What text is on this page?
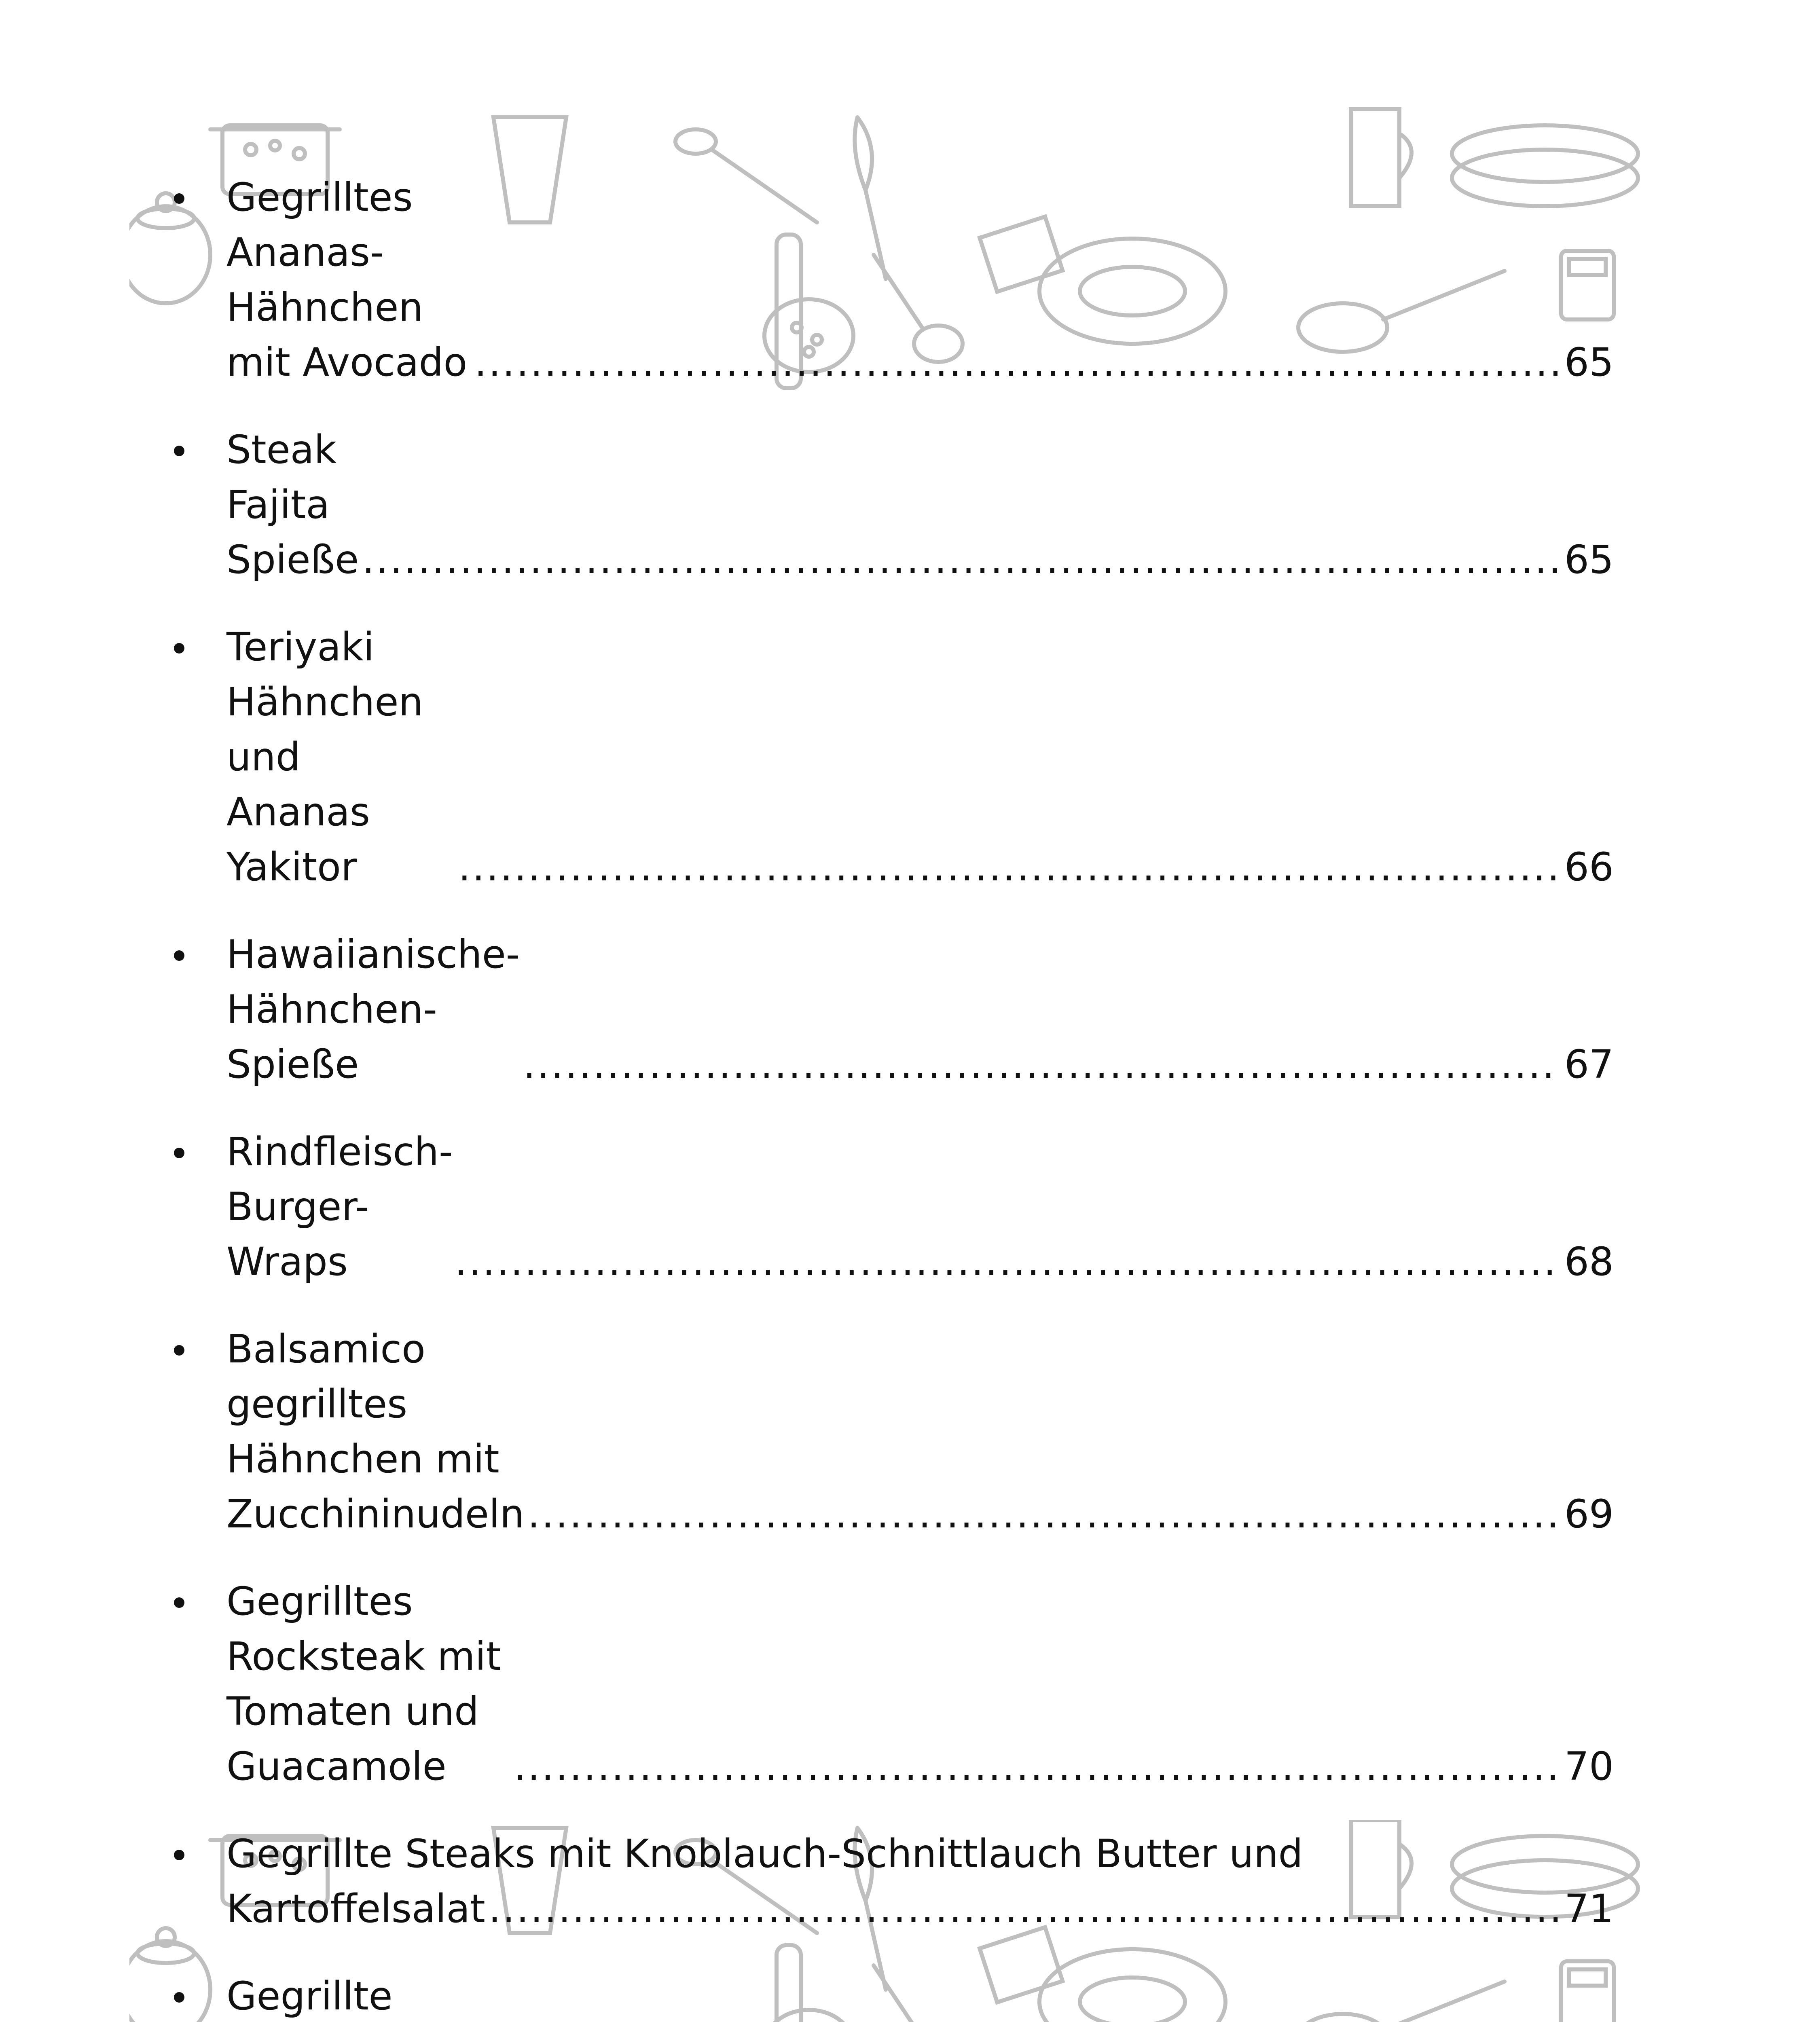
Gegrilltes Ananas-Hähnchen mit Avocado .....	65
Steak Fajita Spieße .....	65
Teriyaki Hähnchen und Ananas Yakitor .....	66
Hawaiianische-Hähnchen-Spieße .....	67
Rindfleisch-Burger-Wraps .....	68
Balsamico gegrilltes Hähnchen mit Zucchininudeln .....	69
Gegrilltes Rocksteak mit Tomaten und Guacamole .....	70
Gegrillte Steaks mit Knoblauch-Schnittlauch Butter und
Kartoffelsalat .....	71
Gegrillte
